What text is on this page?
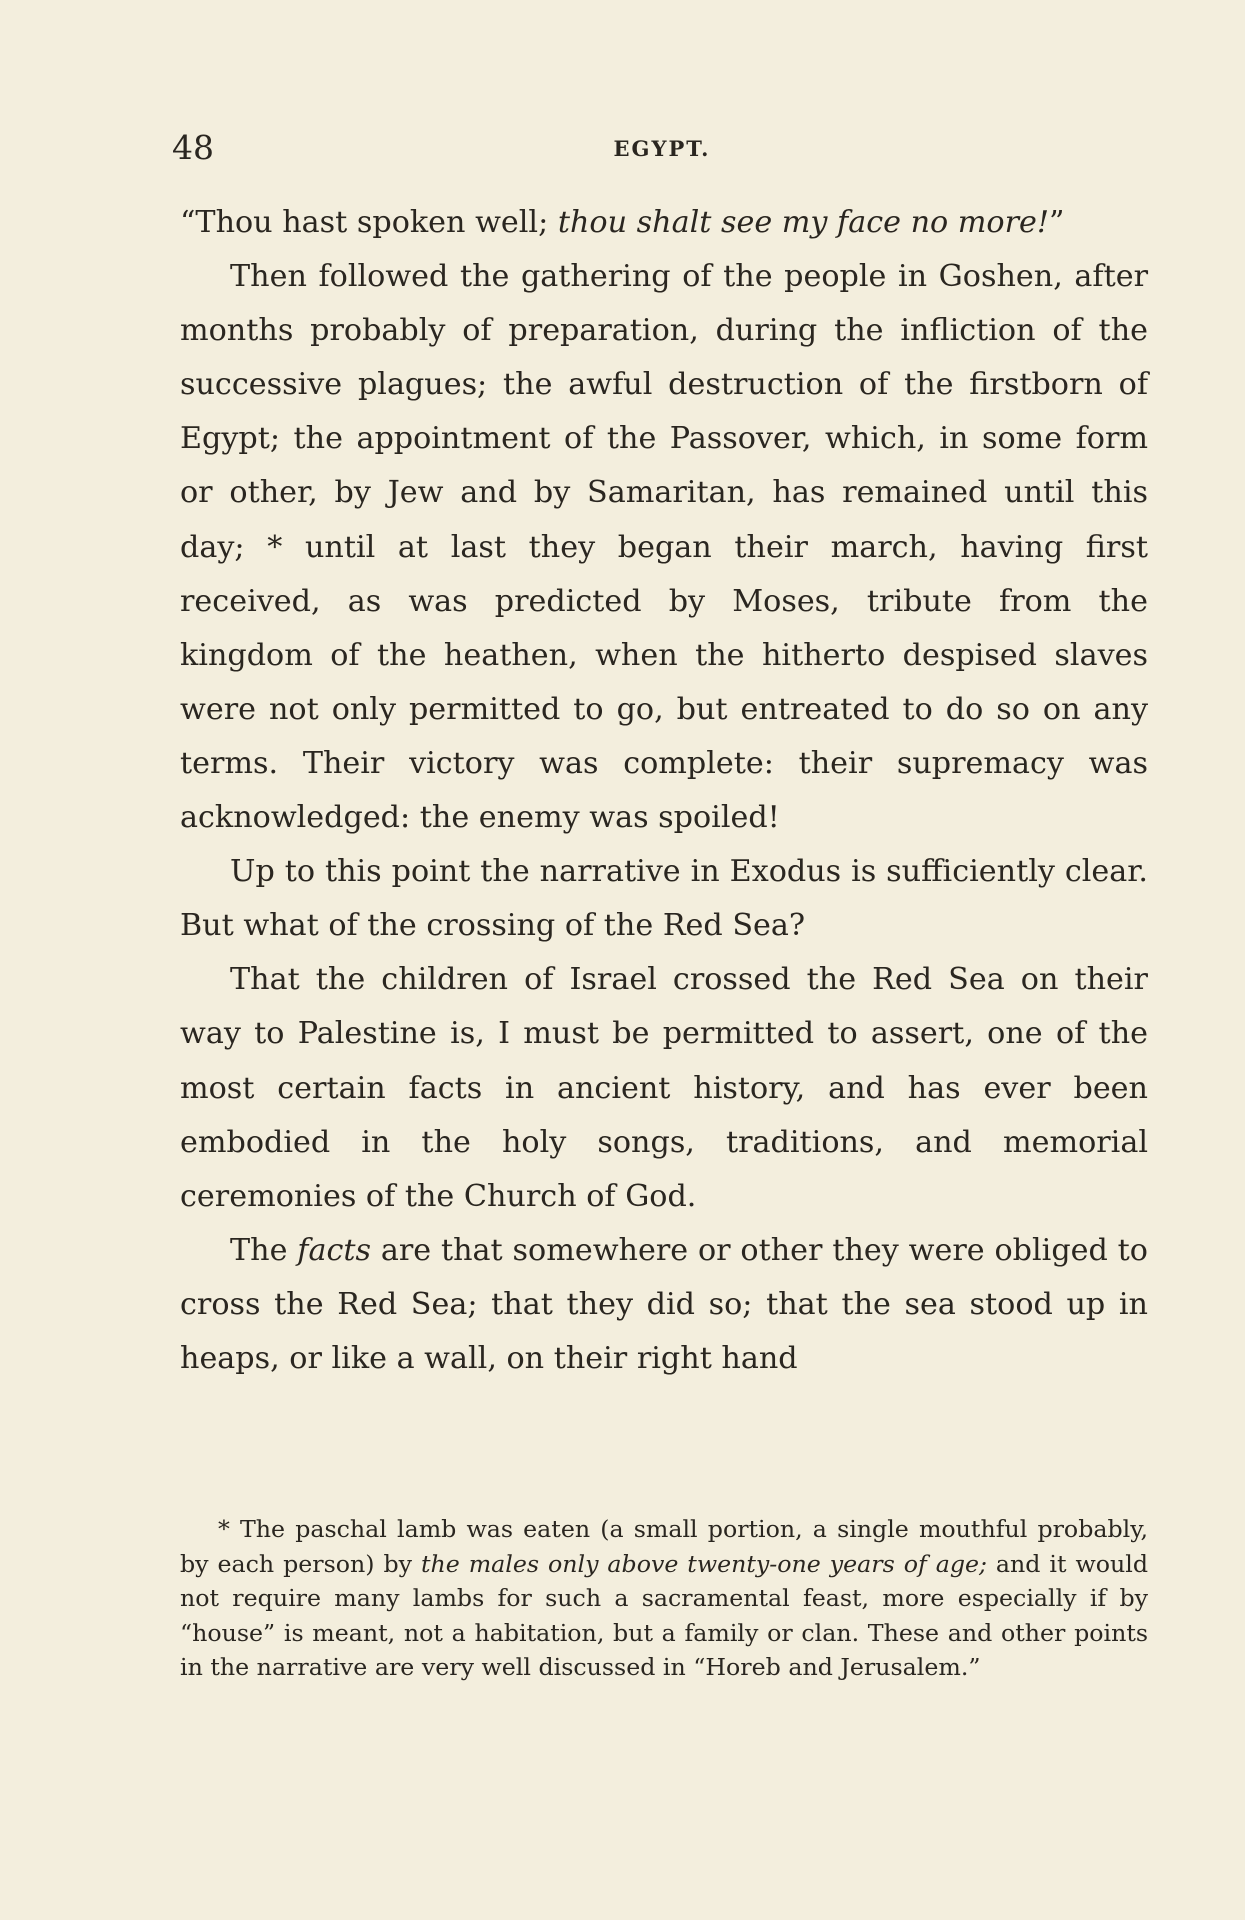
48	EGYPT.

“Thou hast spoken well; thou shalt see my face no more!”

Then followed the gathering of the people in Goshen, after months probably of preparation, during the infliction of the successive plagues; the awful destruction of the firstborn of Egypt; the appointment of the Passover, which, in some form or other, by Jew and by Samaritan, has remained until this day; * until at last they began their march, having first received, as was predicted by Moses, tribute from the kingdom of the heathen, when the hitherto despised slaves were not only permitted to go, but entreated to do so on any terms. Their victory was complete: their supremacy was acknowledged: the enemy was spoiled!

Up to this point the narrative in Exodus is sufficiently clear. But what of the crossing of the Red Sea?

That the children of Israel crossed the Red Sea on their way to Palestine is, I must be permitted to assert, one of the most certain facts in ancient history, and has ever been embodied in the holy songs, traditions, and memorial ceremonies of the Church of God.

The facts are that somewhere or other they were obliged to cross the Red Sea; that they did so; that the sea stood up in heaps, or like a wall, on their right hand

* The paschal lamb was eaten (a small portion, a single mouthful probably, by each person) by the males only above twenty-one years of age; and it would not require many lambs for such a sacramental feast, more especially if by “house” is meant, not a habitation, but a family or clan. These and other points in the narrative are very well discussed in “Horeb and Jerusalem.”
